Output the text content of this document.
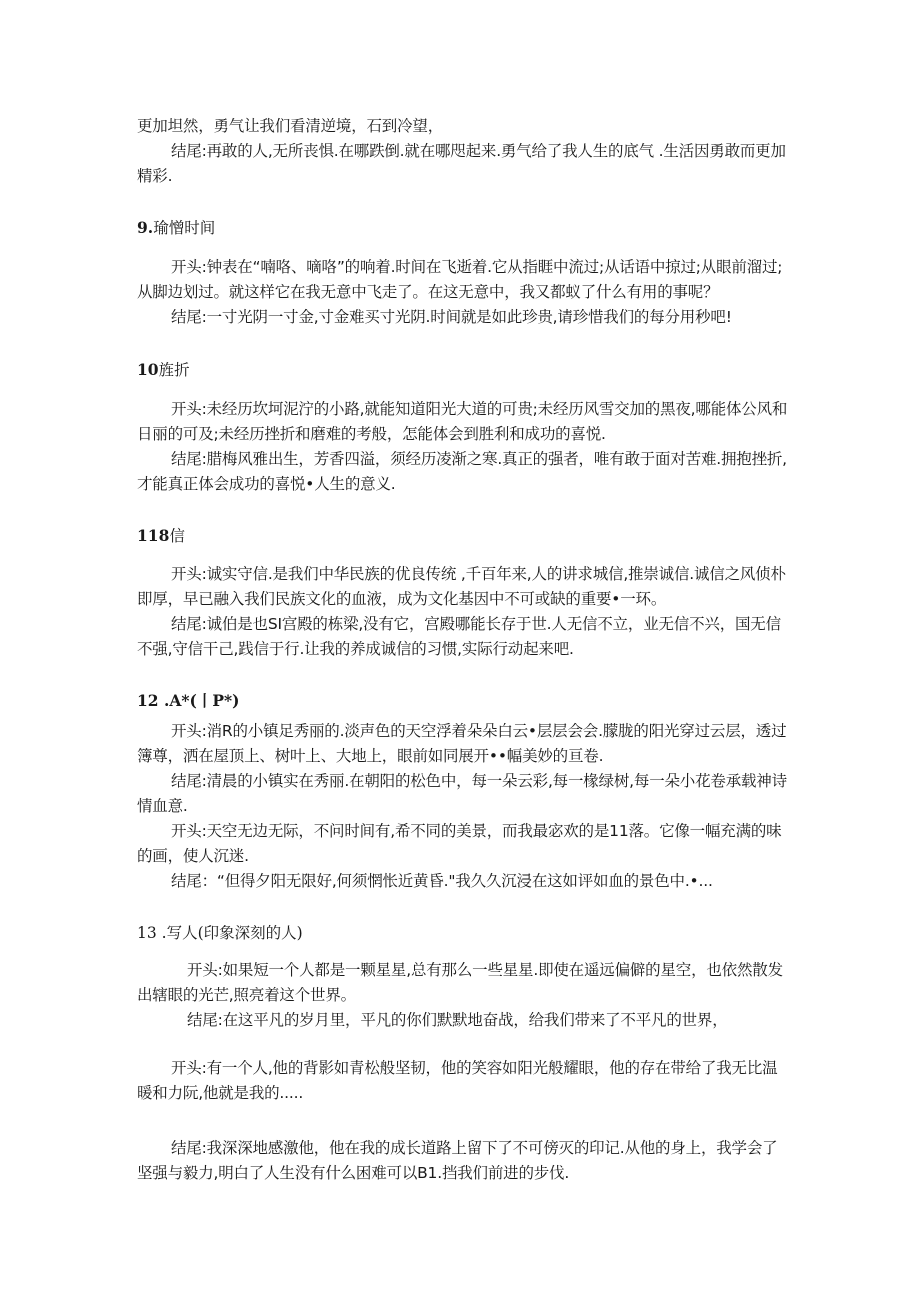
更加坦然，勇气让我们看清逆境，石到冷望，
结尾:再敢的人,无所丧惧.在哪跌倒.就在哪咫起来.勇气给了我人生的底气 .生活因勇敢而更加
精彩.
9.瑜憎时间
开头:钟表在“喃咯、嘀咯”的响着.时间在飞逝着.它从指睚中流过;从话语中掠过;从眼前溜过;
从脚边划过。就这样它在我无意中飞走了。在这无意中，我又都蚁了什么有用的事呢？
结尾:一寸光阴一寸金,寸金难买寸光阴.时间就是如此珍贵,请珍惜我们的每分用秒吧!
10旌折
开头:未经历坎坷泥泞的小路,就能知道阳光大道的可贵;未经历风雪交加的黑夜,哪能体公风和
日丽的可及;未经历挫折和磨难的考般，怎能体会到胜利和成功的喜悦.
结尾:腊梅风雅出生，芳香四溢，须经历凌渐之寒.真正的强者，唯有敢于面对苦难.拥抱挫折,
才能真正体会成功的喜悦•人生的意义.
118信
开头:诚实守信.是我们中华民族的优良传统 ,千百年来,人的讲求城信,推崇诚信.诚信之风侦朴
即厚，早已融入我们民族文化的血液，成为文化基因中不可或缺的重要•一环。
结尾:诚伯是也SI宫殿的栋梁,没有它，宫殿哪能长存于世.人无信不立，业无信不兴，国无信
不强,守信干己,践信于行.让我的养成诚信的习惯,实际行动起来吧.
12 .A*(丨P*)
开头:消R的小镇足秀丽的.淡声色的天空浮着朵朵白云•层层会会.朦胧的阳光穿过云层，透过
簿尊，洒在屋顶上、树叶上、大地上，眼前如同展开••幅美妙的亘卷.
结尾:清晨的小镇实在秀丽.在朝阳的松色中，每一朵云彩,每一椽绿树,每一朵小花卷承载神诗
情血意.
开头:天空无边无际，不问时间有,希不同的美景，而我最宓欢的是11落。它像一幅充满的味
的画，使人沉迷.
结尾：“但得夕阳无限好,何须惘怅近黄昏."我久久沉浸在这如评如血的景色中.•...
13 .写人(印象深刻的人)
开头:如果短一个人都是一颗星星,总有那么一些星星.即使在遥远偏僻的星空，也依然散发
出辖眼的光芒,照亮着这个世界。
结尾:在这平凡的岁月里，平凡的你们默默地奋战，给我们带来了不平凡的世界，
开头:有一个人,他的背影如青松般坚韧，他的笑容如阳光般耀眼，他的存在带给了我无比温
暖和力阮,他就是我的.....
结尾:我深深地感激他，他在我的成长道路上留下了不可傍灭的印记.从他的身上，我学会了
坚强与毅力,明白了人生没有什么困难可以B1.挡我们前进的步伐.
